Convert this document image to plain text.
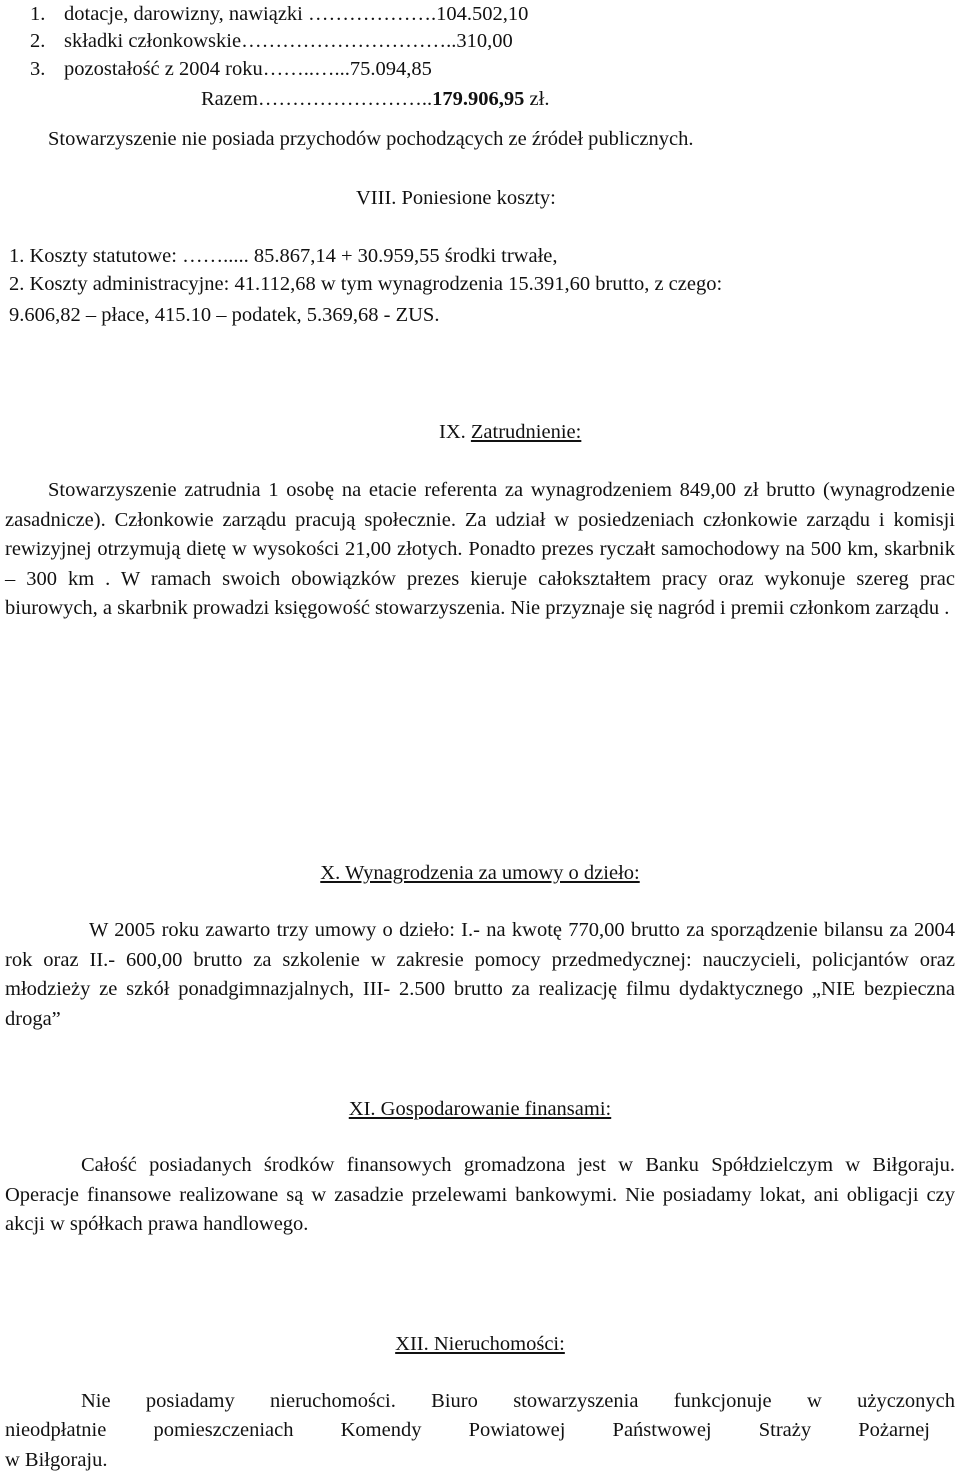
1. dotacje, darowizny, nawiązki ……………….104.502,10
2. składki członkowskie…………………………..310,00
3. pozostałość z 2004 roku……..…...75.094,85
Razem……………………..179.906,95 zł.
Stowarzyszenie nie posiada przychodów pochodzących ze źródeł publicznych.
VIII. Poniesione koszty:
1. Koszty statutowe: ……..... 85.867,14 + 30.959,55 środki trwałe,
2. Koszty administracyjne: 41.112,68 w tym wynagrodzenia 15.391,60 brutto, z czego:
9.606,82 – płace, 415.10 – podatek, 5.369,68 - ZUS.
IX. Zatrudnienie:
Stowarzyszenie zatrudnia 1 osobę na etacie referenta za wynagrodzeniem 849,00 zł brutto (wynagrodzenie zasadnicze). Członkowie zarządu pracują społecznie. Za udział w posiedzeniach członkowie zarządu i komisji rewizyjnej otrzymują dietę w wysokości 21,00 złotych. Ponadto prezes ryczałt samochodowy na 500 km, skarbnik – 300 km . W ramach swoich obowiązków prezes kieruje całokształtem pracy oraz wykonuje szereg prac biurowych, a skarbnik prowadzi księgowość stowarzyszenia. Nie przyznaje się nagród i premii członkom zarządu .
X. Wynagrodzenia za umowy o dzieło:
W 2005 roku zawarto trzy umowy o dzieło: I.- na kwotę 770,00 brutto za sporządzenie bilansu za 2004 rok oraz II.- 600,00 brutto za szkolenie w zakresie pomocy przedmedycznej: nauczycieli, policjantów oraz młodzieży ze szkół ponadgimnazjalnych, III- 2.500 brutto za realizację filmu dydaktycznego „NIE bezpieczna droga”
XI. Gospodarowanie finansami:
Całość posiadanych środków finansowych gromadzona jest w Banku Spółdzielczym w Biłgoraju. Operacje finansowe realizowane są w zasadzie przelewami bankowymi. Nie posiadamy lokat, ani obligacji czy akcji w spółkach prawa handlowego.
XII. Nieruchomości:
Nie posiadamy nieruchomości. Biuro stowarzyszenia funkcjonuje w użyczonych
nieodpłatnie pomieszczeniach Komendy Powiatowej Państwowej Straży Pożarnej
w Biłgoraju.
